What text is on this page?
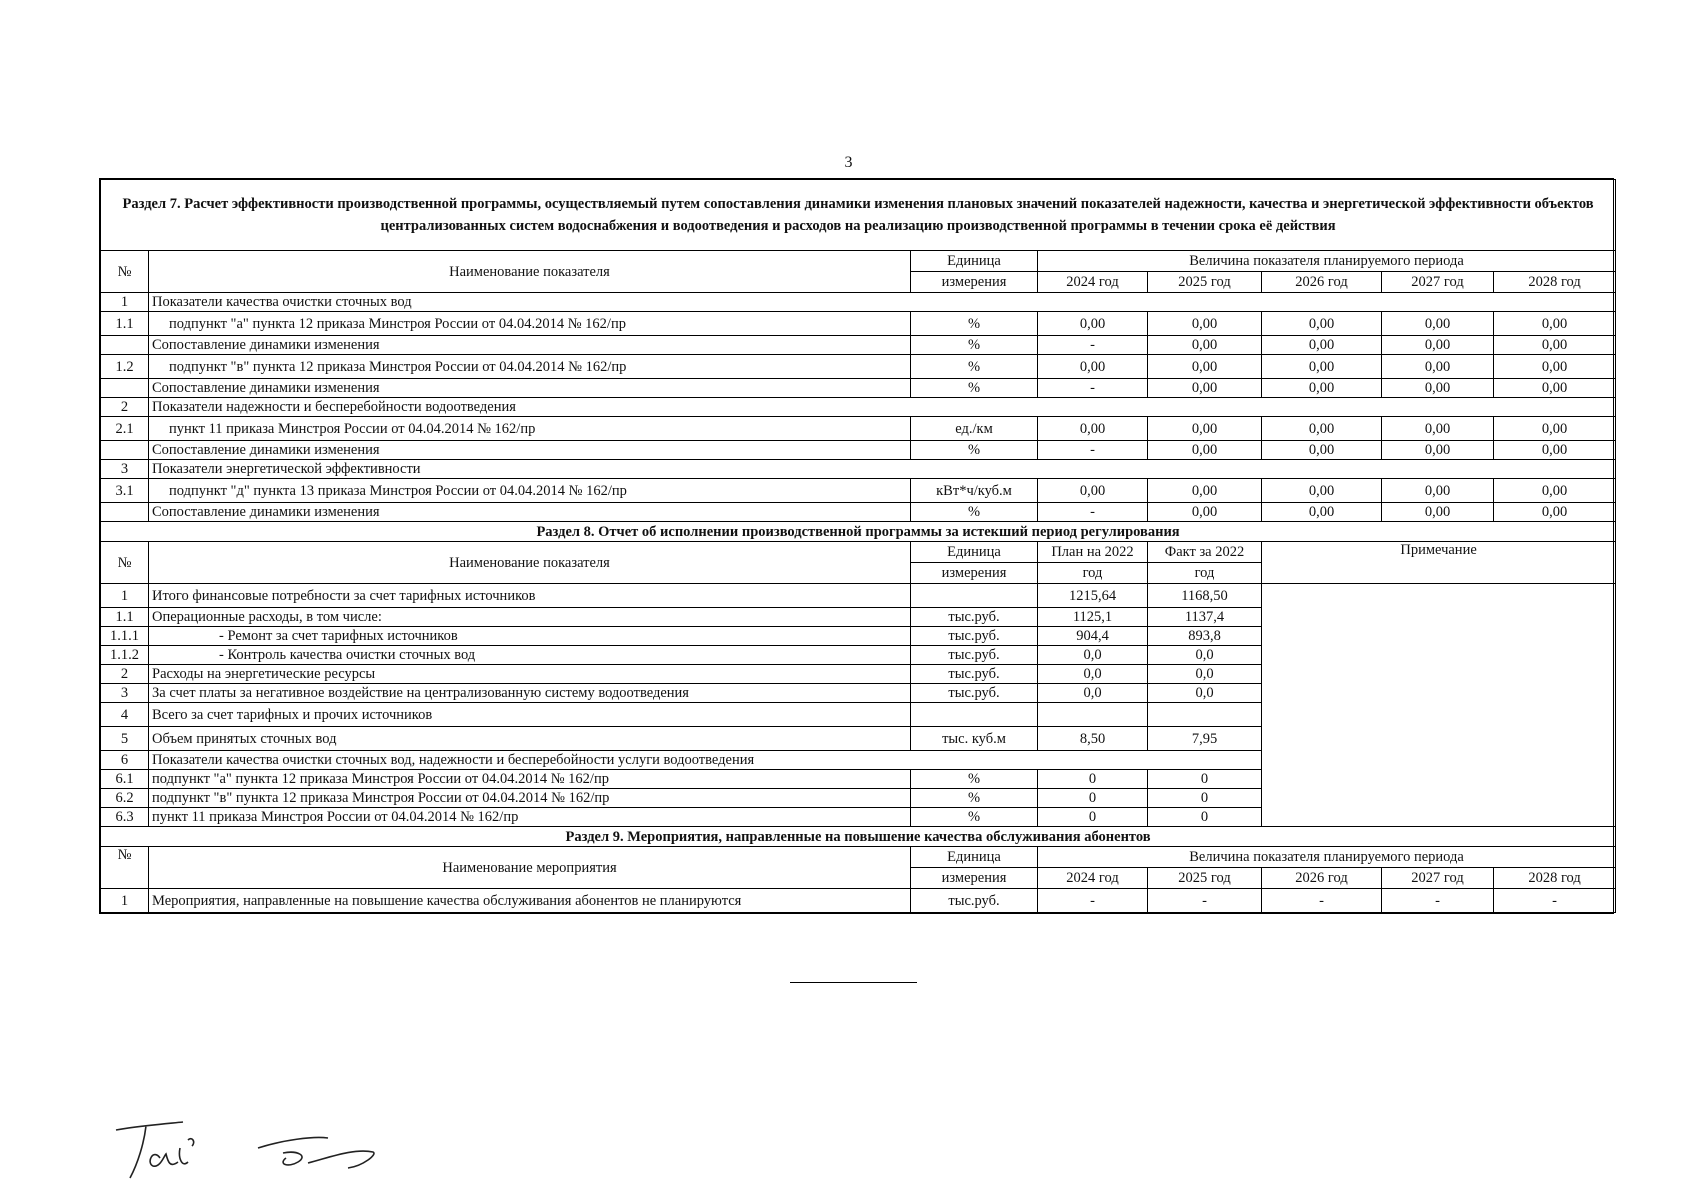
3
Раздел 7. Расчет эффективности производственной программы, осуществляемый путем сопоставления динамики изменения плановых значений показателей надежности, качества и энергетической эффективности объектов централизованных систем водоснабжения и водоотведения и расходов на реализацию производственной программы в течении срока её действия							
№	Наименование показателя	Единица	Величина показателя планируемого периода				
		измерения	2024 год	2025 год	2026 год	2027 год	2028 год
1	Показатели качества очистки сточных вод						
1.1	подпункт "а" пункта 12 приказа Минстроя России от 04.04.2014 № 162/пр	%	0,00	0,00	0,00	0,00	0,00
	Сопоставление динамики изменения	%	-	0,00	0,00	0,00	0,00
1.2	подпункт "в" пункта 12 приказа Минстроя России от 04.04.2014 № 162/пр	%	0,00	0,00	0,00	0,00	0,00
	Сопоставление динамики изменения	%	-	0,00	0,00	0,00	0,00
2	Показатели надежности и бесперебойности водоотведения						
2.1	пункт 11 приказа Минстроя России от 04.04.2014 № 162/пр	ед./км	0,00	0,00	0,00	0,00	0,00
	Сопоставление динамики изменения	%	-	0,00	0,00	0,00	0,00
3	Показатели энергетической эффективности						
3.1	подпункт "д" пункта 13 приказа Минстроя России от 04.04.2014 № 162/пр	кВт*ч/куб.м	0,00	0,00	0,00	0,00	0,00
	Сопоставление динамики изменения	%	-	0,00	0,00	0,00	0,00
Раздел 8. Отчет об исполнении производственной программы за истекший период регулирования							
№	Наименование показателя	Единица	План на 2022	Факт за 2022	Примечание		
		измерения	год	год			
1	Итого финансовые потребности за счет тарифных источников		1215,64	1168,50			
1.1	Операционные расходы, в том числе:	тыс.руб.	1125,1	1137,4			
1.1.1	- Ремонт за счет тарифных источников	тыс.руб.	904,4	893,8			
1.1.2	- Контроль качества очистки сточных вод	тыс.руб.	0,0	0,0			
2	Расходы на энергетические ресурсы	тыс.руб.	0,0	0,0			
3	За счет платы за негативное воздействие на централизованную систему водоотведения	тыс.руб.	0,0	0,0			
4	Всего за счет тарифных и прочих источников						
5	Объем принятых сточных вод	тыс. куб.м	8,50	7,95			
6	Показатели качества очистки сточных вод, надежности и бесперебойности услуги водоотведения						
6.1	подпункт "а" пункта 12 приказа Минстроя России от 04.04.2014 № 162/пр	%	0	0			
6.2	подпункт "в" пункта 12 приказа Минстроя России от 04.04.2014 № 162/пр	%	0	0			
6.3	пункт 11 приказа Минстроя России от 04.04.2014 № 162/пр	%	0	0			
Раздел 9. Мероприятия, направленные на повышение качества обслуживания абонентов							
№	Наименование мероприятия	Единица	Величина показателя планируемого периода				
		измерения	2024 год	2025 год	2026 год	2027 год	2028 год
1	Мероприятия, направленные на повышение качества обслуживания абонентов не планируются	тыс.руб.	-	-	-	-	-
